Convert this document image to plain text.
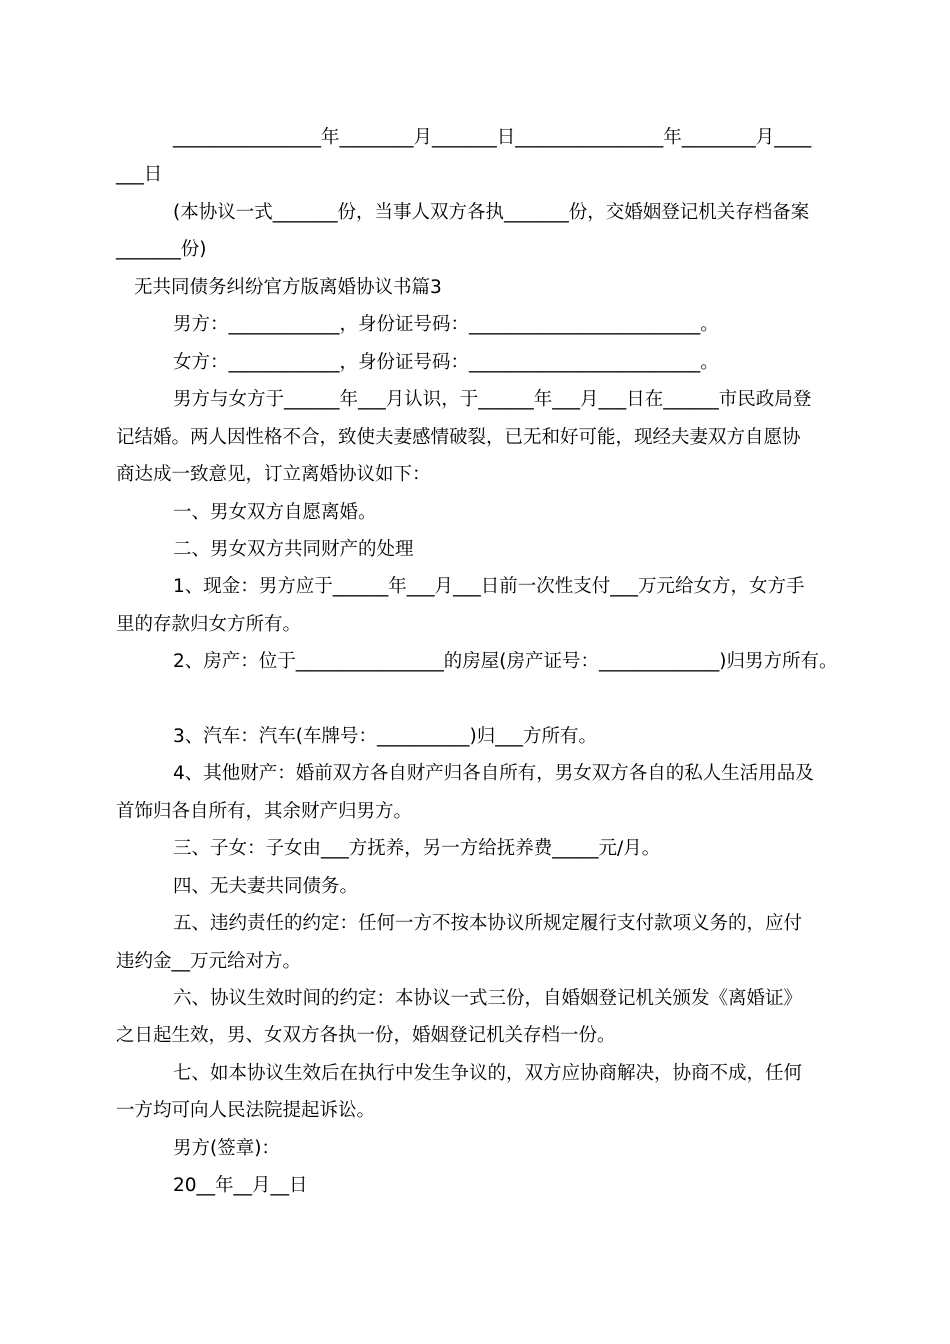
________________年________月_______日________________年________月____
___日
(本协议一式_______份，当事人双方各执_______份，交婚姻登记机关存档备案
_______份)
无共同债务纠纷官方版离婚协议书篇3
男方：____________，身份证号码：_________________________。
女方：____________，身份证号码：_________________________。
男方与女方于______年___月认识，于______年___月___日在______市民政局登
记结婚。两人因性格不合，致使夫妻感情破裂，已无和好可能，现经夫妻双方自愿协
商达成一致意见，订立离婚协议如下：
一、男女双方自愿离婚。
二、男女双方共同财产的处理
1、现金：男方应于______年___月___日前一次性支付___万元给女方，女方手
里的存款归女方所有。
2、房产：位于________________的房屋(房产证号：_____________)归男方所有。
3、汽车：汽车(车牌号：__________)归___方所有。
4、其他财产：婚前双方各自财产归各自所有，男女双方各自的私人生活用品及
首饰归各自所有，其余财产归男方。
三、子女：子女由___方抚养，另一方给抚养费_____元/月。
四、无夫妻共同债务。
五、违约责任的约定：任何一方不按本协议所规定履行支付款项义务的，应付
违约金__万元给对方。
六、协议生效时间的约定：本协议一式三份，自婚姻登记机关颁发《离婚证》
之日起生效，男、女双方各执一份，婚姻登记机关存档一份。
七、如本协议生效后在执行中发生争议的，双方应协商解决，协商不成，任何
一方均可向人民法院提起诉讼。
男方(签章)：
20__年__月__日
